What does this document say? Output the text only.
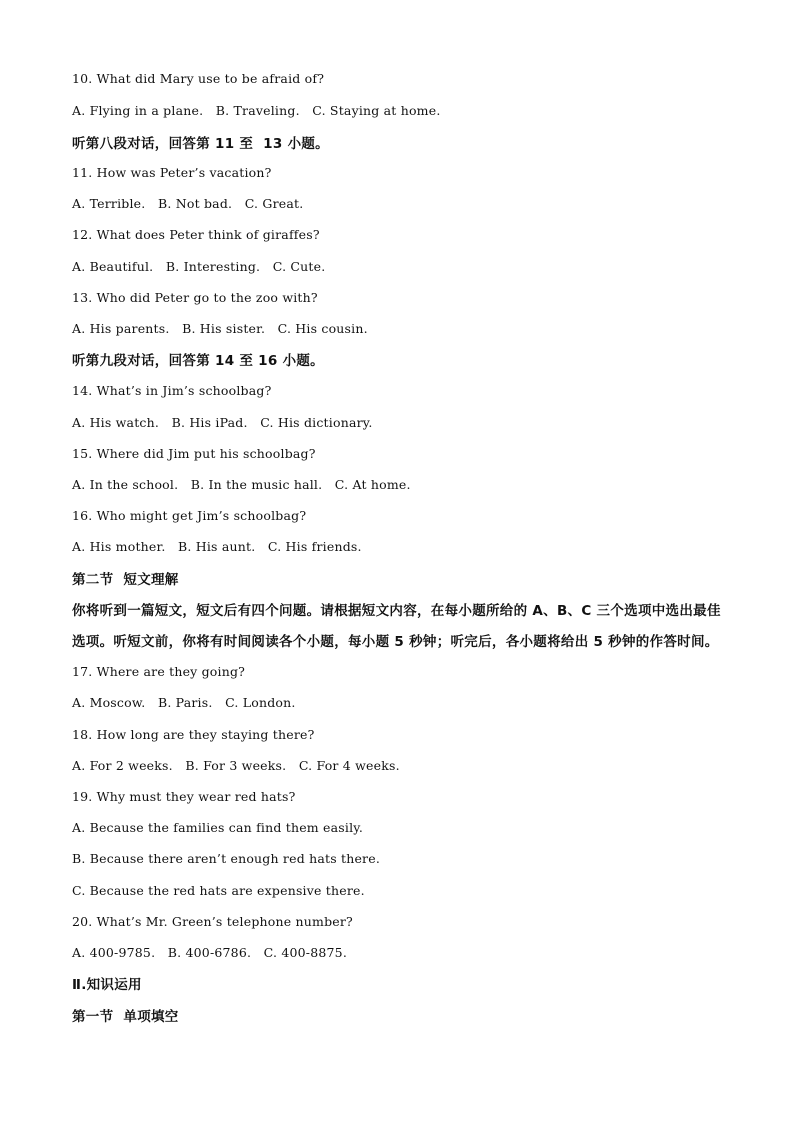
10. What did Mary use to be afraid of?
A. Flying in a plane.   B. Traveling.   C. Staying at home.
听第八段对话，回答第 11 至  13 小题。
11. How was Peter’s vacation?
A. Terrible.   B. Not bad.   C. Great.
12. What does Peter think of giraffes?
A. Beautiful.   B. Interesting.   C. Cute.
13. Who did Peter go to the zoo with?
A. His parents.   B. His sister.   C. His cousin.
听第九段对话，回答第 14 至 16 小题。
14. What’s in Jim’s schoolbag?
A. His watch.   B. His iPad.   C. His dictionary.
15. Where did Jim put his schoolbag?
A. In the school.   B. In the music hall.   C. At home.
16. Who might get Jim’s schoolbag?
A. His mother.   B. His aunt.   C. His friends.
第二节  短文理解
你将听到一篇短文，短文后有四个问题。请根据短文内容，在每小题所给的 A、B、C 三个选项中选出最佳
选项。听短文前，你将有时间阅读各个小题，每小题 5 秒钟；听完后，各小题将给出 5 秒钟的作答时间。
17. Where are they going?
A. Moscow.   B. Paris.   C. London.
18. How long are they staying there?
A. For 2 weeks.   B. For 3 weeks.   C. For 4 weeks.
19. Why must they wear red hats?
A. Because the families can find them easily.
B. Because there aren’t enough red hats there.
C. Because the red hats are expensive there.
20. What’s Mr. Green’s telephone number?
A. 400-9785.   B. 400-6786.   C. 400-8875.
Ⅱ.知识运用
第一节  单项填空
